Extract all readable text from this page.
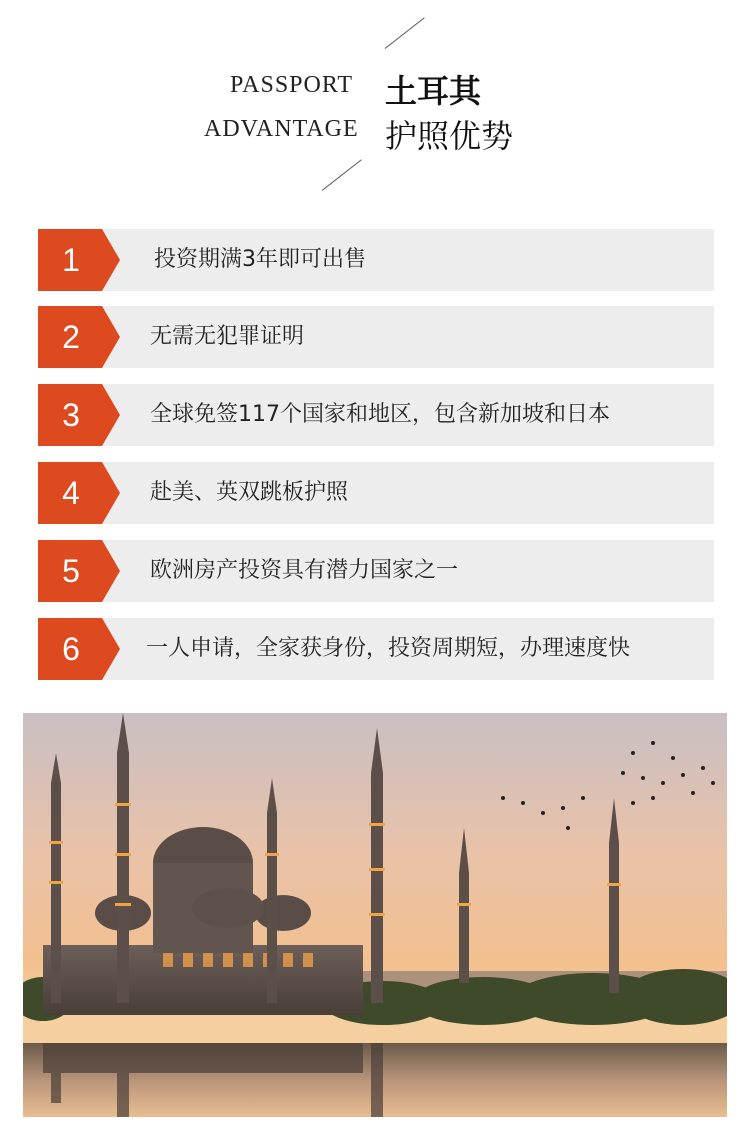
PASSPORT
ADVANTAGE
土耳其
护照优势
1	投资期满3年即可出售
2	无需无犯罪证明
3	全球免签117个国家和地区，包含新加坡和日本
4	赴美、英双跳板护照
5	欧洲房产投资具有潜力国家之一
6	一人申请，全家获身份，投资周期短，办理速度快
